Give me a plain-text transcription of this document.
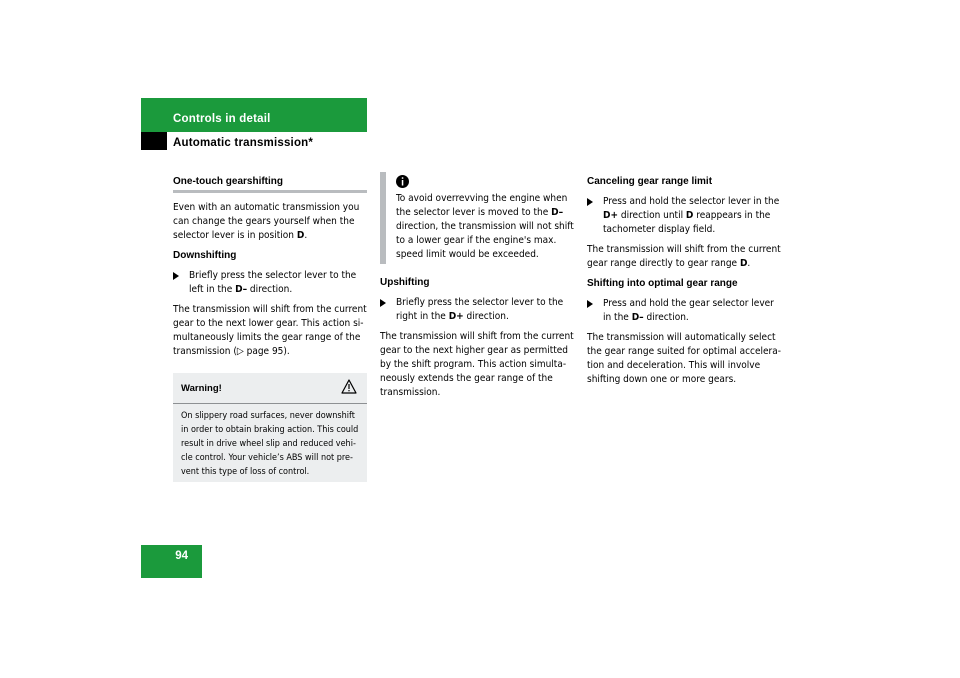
Controls in detail
Automatic transmission*
One-touch gearshifting

Even with an automatic transmission you can change the gears yourself when the selector lever is in position D.

Downshifting
Briefly press the selector lever to the left in the D– direction.

The transmission will shift from the current gear to the next lower gear. This action simultaneously limits the gear range of the transmission (▷ page 95).

Warning!
On slippery road surfaces, never downshift in order to obtain braking action. This could result in drive wheel slip and reduced vehicle control. Your vehicle’s ABS will not prevent this type of loss of control.
To avoid overrevving the engine when the selector lever is moved to the D– direction, the transmission will not shift to a lower gear if the engine's max. speed limit would be exceeded.
Upshifting
Briefly press the selector lever to the right in the D+ direction.

The transmission will shift from the current gear to the next higher gear as permitted by the shift program. This action simultaneously extends the gear range of the transmission.

Canceling gear range limit
Press and hold the selector lever in the D+ direction until D reappears in the tachometer display field.

The transmission will shift from the current gear range directly to gear range D.

Shifting into optimal gear range
Press and hold the gear selector lever in the D– direction.

The transmission will automatically select the gear range suited for optimal acceleration and deceleration. This will involve shifting down one or more gears.

94
